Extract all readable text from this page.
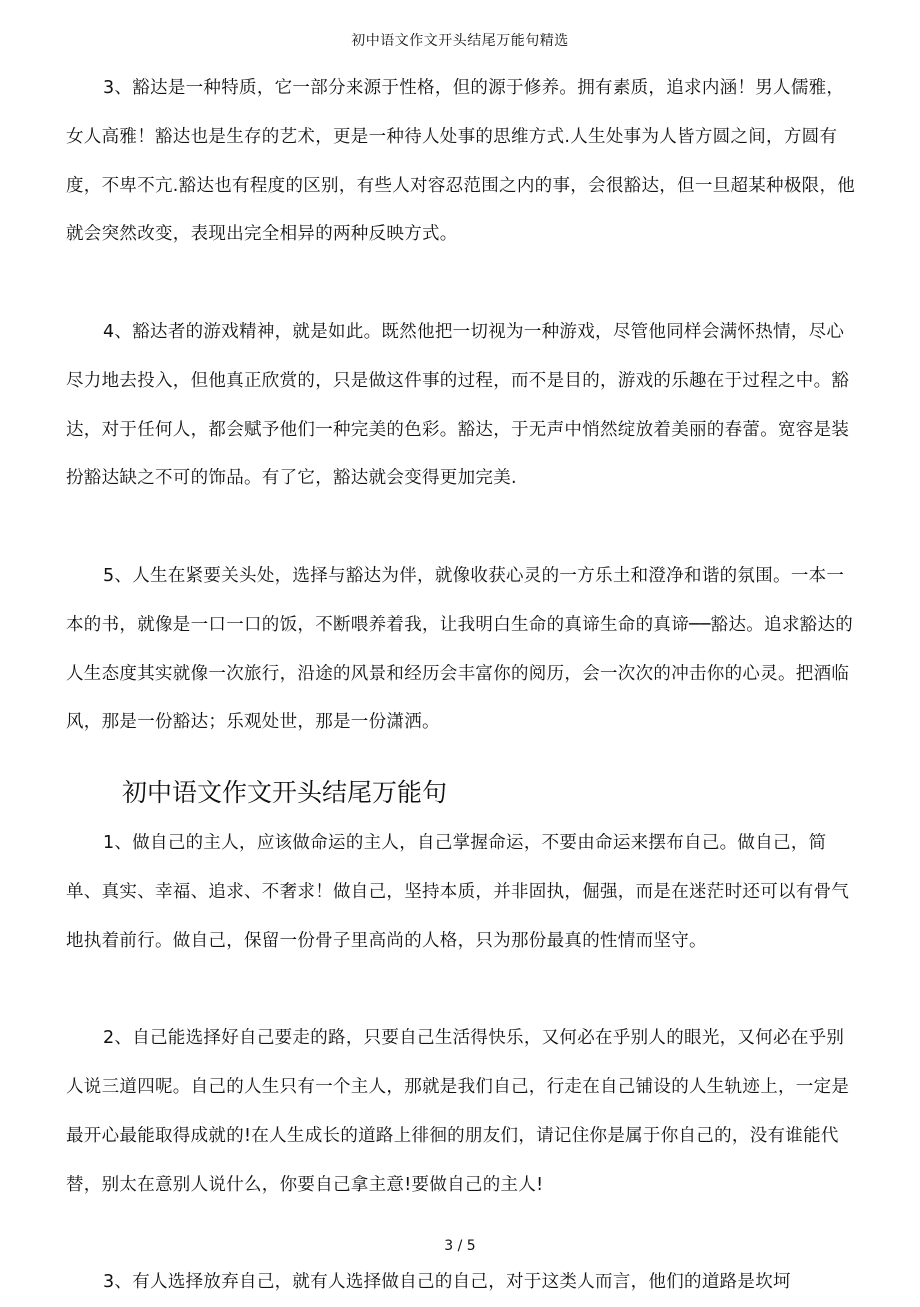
初中语文作文开头结尾万能句精选

3、豁达是一种特质，它一部分来源于性格，但的源于修养。拥有素质，追求内涵！男人儒雅，女人高雅！豁达也是生存的艺术，更是一种待人处事的思维方式.人生处事为人皆方圆之间，方圆有度，不卑不亢.豁达也有程度的区别，有些人对容忍范围之内的事，会很豁达，但一旦超某种极限，他就会突然改变，表现出完全相异的两种反映方式。

4、豁达者的游戏精神，就是如此。既然他把一切视为一种游戏，尽管他同样会满怀热情，尽心尽力地去投入，但他真正欣赏的，只是做这件事的过程，而不是目的，游戏的乐趣在于过程之中。豁达，对于任何人，都会赋予他们一种完美的色彩。豁达，于无声中悄然绽放着美丽的春蕾。宽容是装扮豁达缺之不可的饰品。有了它，豁达就会变得更加完美.

5、人生在紧要关头处，选择与豁达为伴，就像收获心灵的一方乐土和澄净和谐的氛围。一本一本的书，就像是一口一口的饭，不断喂养着我，让我明白生命的真谛生命的真谛──豁达。追求豁达的人生态度其实就像一次旅行，沿途的风景和经历会丰富你的阅历，会一次次的冲击你的心灵。把酒临风，那是一份豁达；乐观处世，那是一份潇洒。

初中语文作文开头结尾万能句

1、做自己的主人，应该做命运的主人，自己掌握命运，不要由命运来摆布自己。做自己，简单、真实、幸福、追求、不奢求！做自己，坚持本质，并非固执，倔强，而是在迷茫时还可以有骨气地执着前行。做自己，保留一份骨子里高尚的人格，只为那份最真的性情而坚守。

2、自己能选择好自己要走的路，只要自己生活得快乐，又何必在乎别人的眼光，又何必在乎别人说三道四呢。自己的人生只有一个主人，那就是我们自己，行走在自己铺设的人生轨迹上，一定是最开心最能取得成就的!在人生成长的道路上徘徊的朋友们，请记住你是属于你自己的，没有谁能代替，别太在意别人说什么，你要自己拿主意!要做自己的主人!

3、有人选择放弃自己，就有人选择做自己的自己，对于这类人而言，他们的道路是坎坷

3 / 5
